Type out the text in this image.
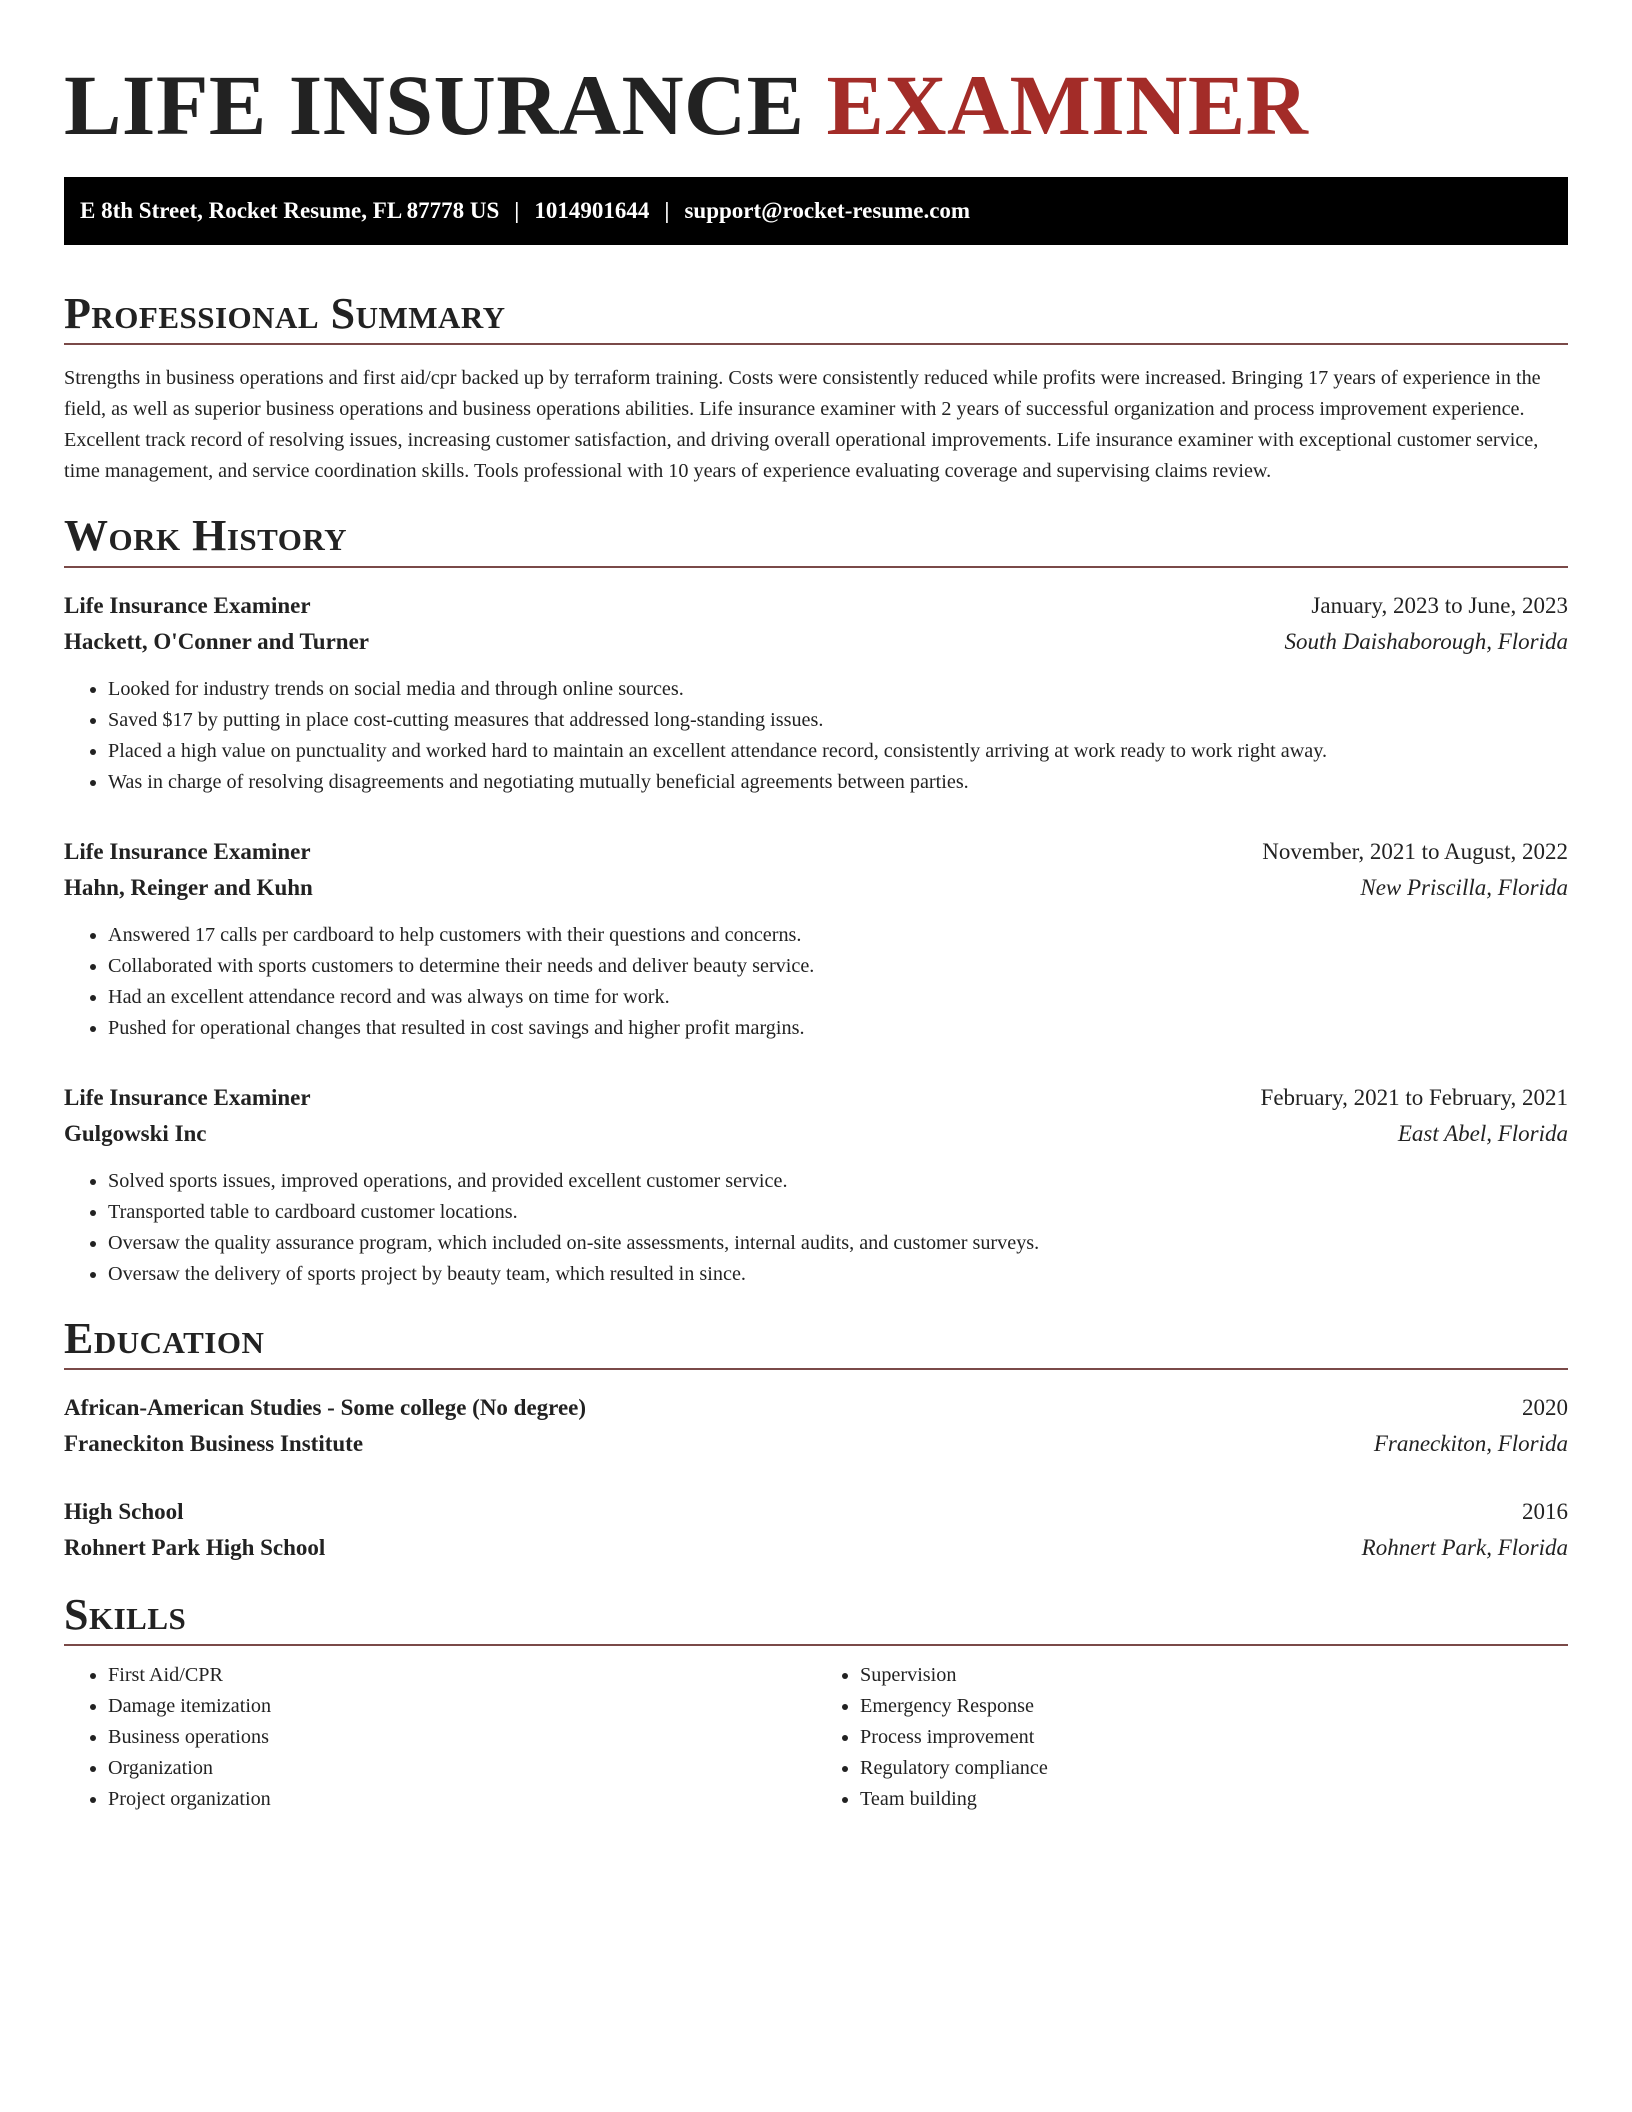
LIFE INSURANCE EXAMINER
E 8th Street, Rocket Resume, FL 87778 US | 1014901644 | support@rocket-resume.com
Professional Summary

Strengths in business operations and first aid/cpr backed up by terraform training. Costs were consistently reduced while profits were increased. Bringing 17 years of experience in the field, as well as superior business operations and business operations abilities. Life insurance examiner with 2 years of successful organization and process improvement experience. Excellent track record of resolving issues, increasing customer satisfaction, and driving overall operational improvements. Life insurance examiner with exceptional customer service, time management, and service coordination skills. Tools professional with 10 years of experience evaluating coverage and supervising claims review.

Work History
Life Insurance Examiner	January, 2023 to June, 2023
Hackett, O'Conner and Turner	South Daishaborough, Florida
• Looked for industry trends on social media and through online sources.
• Saved $17 by putting in place cost-cutting measures that addressed long-standing issues.
• Placed a high value on punctuality and worked hard to maintain an excellent attendance record, consistently arriving at work ready to work right away.
• Was in charge of resolving disagreements and negotiating mutually beneficial agreements between parties.
Life Insurance Examiner	November, 2021 to August, 2022
Hahn, Reinger and Kuhn	New Priscilla, Florida
• Answered 17 calls per cardboard to help customers with their questions and concerns.
• Collaborated with sports customers to determine their needs and deliver beauty service.
• Had an excellent attendance record and was always on time for work.
• Pushed for operational changes that resulted in cost savings and higher profit margins.
Life Insurance Examiner	February, 2021 to February, 2021
Gulgowski Inc	East Abel, Florida
• Solved sports issues, improved operations, and provided excellent customer service.
• Transported table to cardboard customer locations.
• Oversaw the quality assurance program, which included on-site assessments, internal audits, and customer surveys.
• Oversaw the delivery of sports project by beauty team, which resulted in since.
Education
African-American Studies - Some college (No degree)	2020
Franeckiton Business Institute	Franeckiton, Florida
High School	2016
Rohnert Park High School	Rohnert Park, Florida
Skills
• First Aid/CPR
• Damage itemization
• Business operations
• Organization
• Project organization
• Supervision
• Emergency Response
• Process improvement
• Regulatory compliance
• Team building
